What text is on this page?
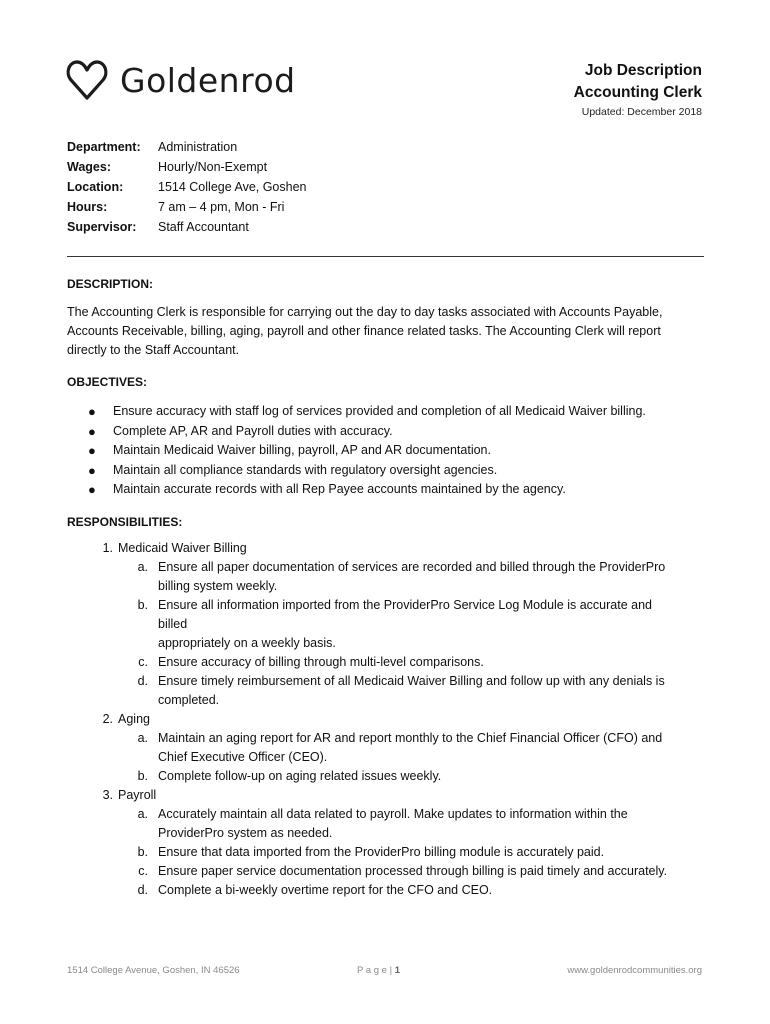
Goldenrod	Job Description
Accounting Clerk
Updated: December 2018
Department:	Administration
Wages:	Hourly/Non-Exempt
Location:	1514 College Ave, Goshen
Hours:	7 am – 4 pm, Mon - Fri
Supervisor:	Staff Accountant
DESCRIPTION:
The Accounting Clerk is responsible for carrying out the day to day tasks associated with Accounts Payable,
Accounts Receivable, billing, aging, payroll and other finance related tasks. The Accounting Clerk will report
directly to the Staff Accountant.
OBJECTIVES:
●	Ensure accuracy with staff log of services provided and completion of all Medicaid Waiver billing.
●	Complete AP, AR and Payroll duties with accuracy.
●	Maintain Medicaid Waiver billing, payroll, AP and AR documentation.
●	Maintain all compliance standards with regulatory oversight agencies.
●	Maintain accurate records with all Rep Payee accounts maintained by the agency.
RESPONSIBILITIES:
1. Medicaid Waiver Billing
a. Ensure all paper documentation of services are recorded and billed through the ProviderPro
billing system weekly.
b. Ensure all information imported from the ProviderPro Service Log Module is accurate and billed
appropriately on a weekly basis.
c. Ensure accuracy of billing through multi-level comparisons.
d. Ensure timely reimbursement of all Medicaid Waiver Billing and follow up with any denials is
completed.
2. Aging
a. Maintain an aging report for AR and report monthly to the Chief Financial Officer (CFO) and
Chief Executive Officer (CEO).
b. Complete follow-up on aging related issues weekly.
3. Payroll
a. Accurately maintain all data related to payroll. Make updates to information within the
ProviderPro system as needed.
b. Ensure that data imported from the ProviderPro billing module is accurately paid.
c. Ensure paper service documentation processed through billing is paid timely and accurately.
d. Complete a bi-weekly overtime report for the CFO and CEO.
1514 College Avenue, Goshen, IN 46526	P a g e | 1	www.goldenrodcommunities.org
